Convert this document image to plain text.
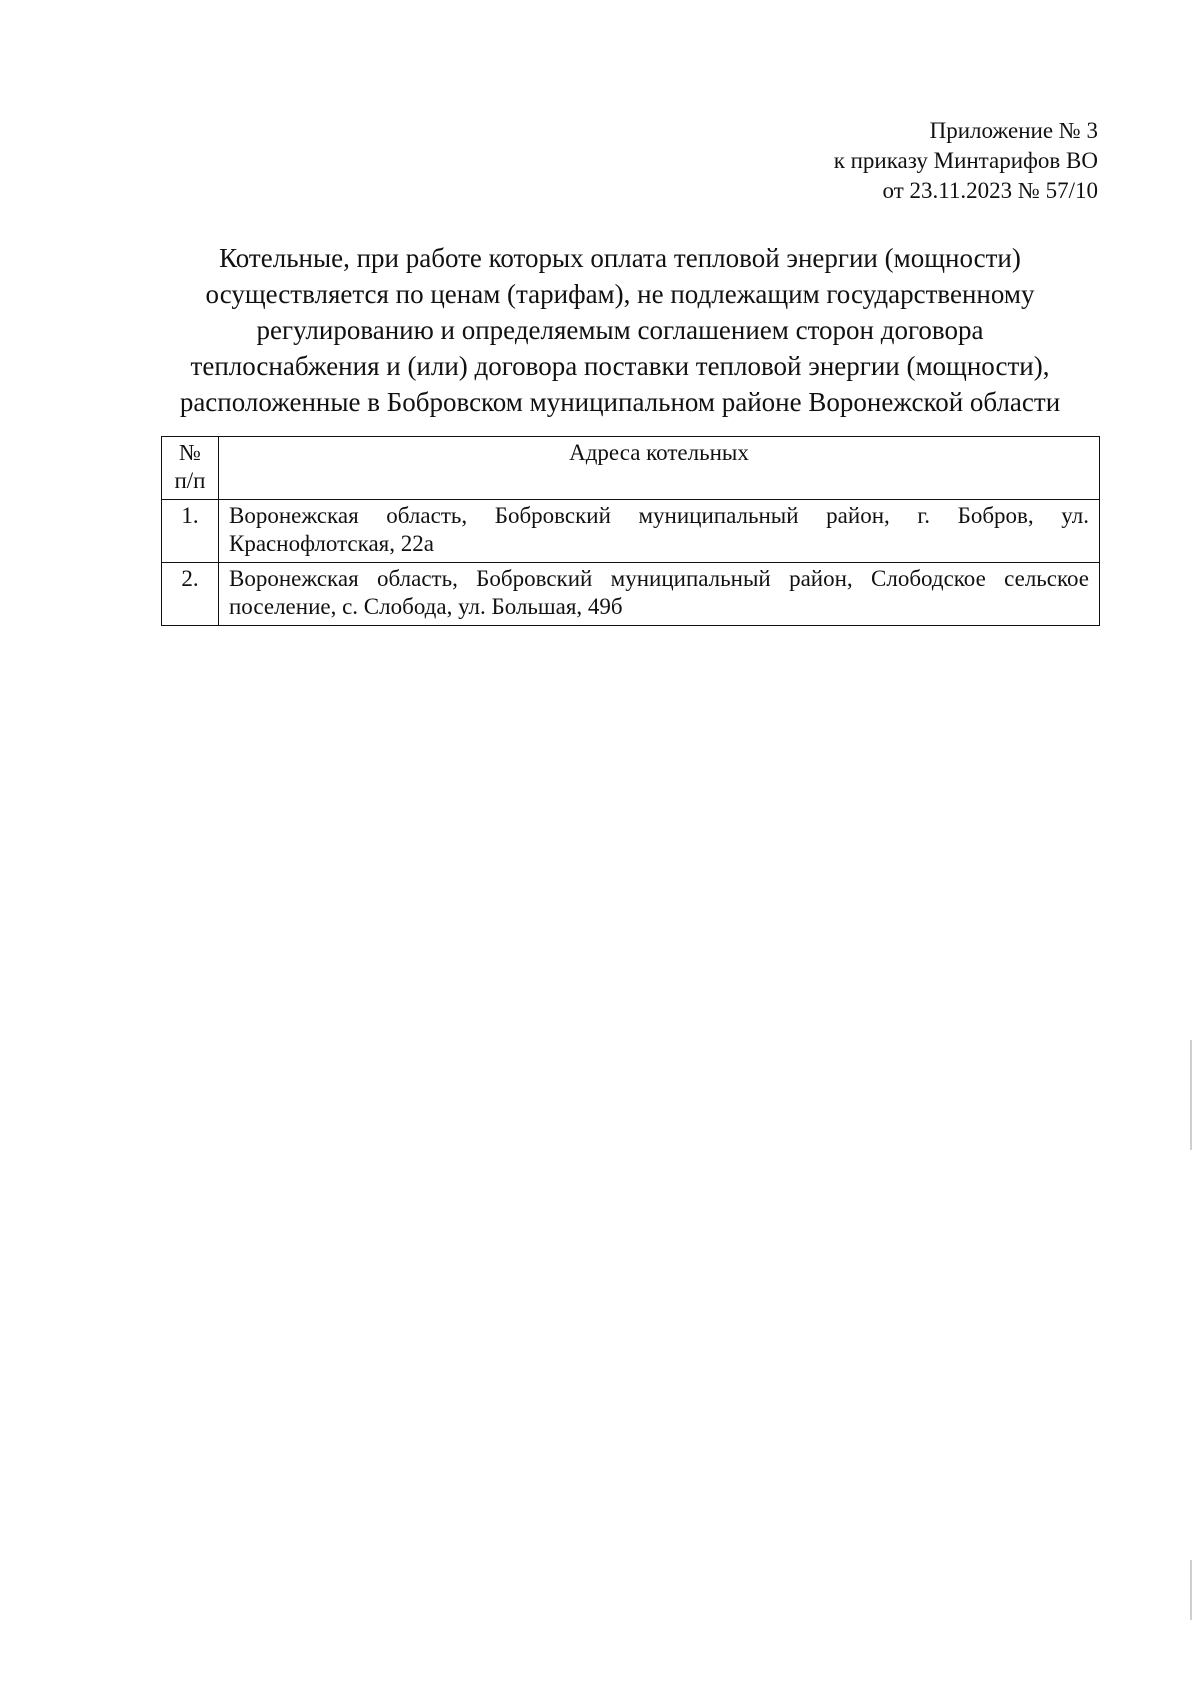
Приложение № 3
к приказу Минтарифов ВО
от 23.11.2023 № 57/10
Котельные, при работе которых оплата тепловой энергии (мощности)
осуществляется по ценам (тарифам), не подлежащим государственному
регулированию и определяемым соглашением сторон договора
теплоснабжения и (или) договора поставки тепловой энергии (мощности),
расположенные в Бобровском муниципальном районе Воронежской области
№
п/п	Адреса котельных
1.	Воронежская область, Бобровский муниципальный район, г. Бобров, ул. Краснофлотская, 22а
2.	Воронежская область, Бобровский муниципальный район, Слободское сельское поселение, с. Слобода, ул. Большая, 49б
